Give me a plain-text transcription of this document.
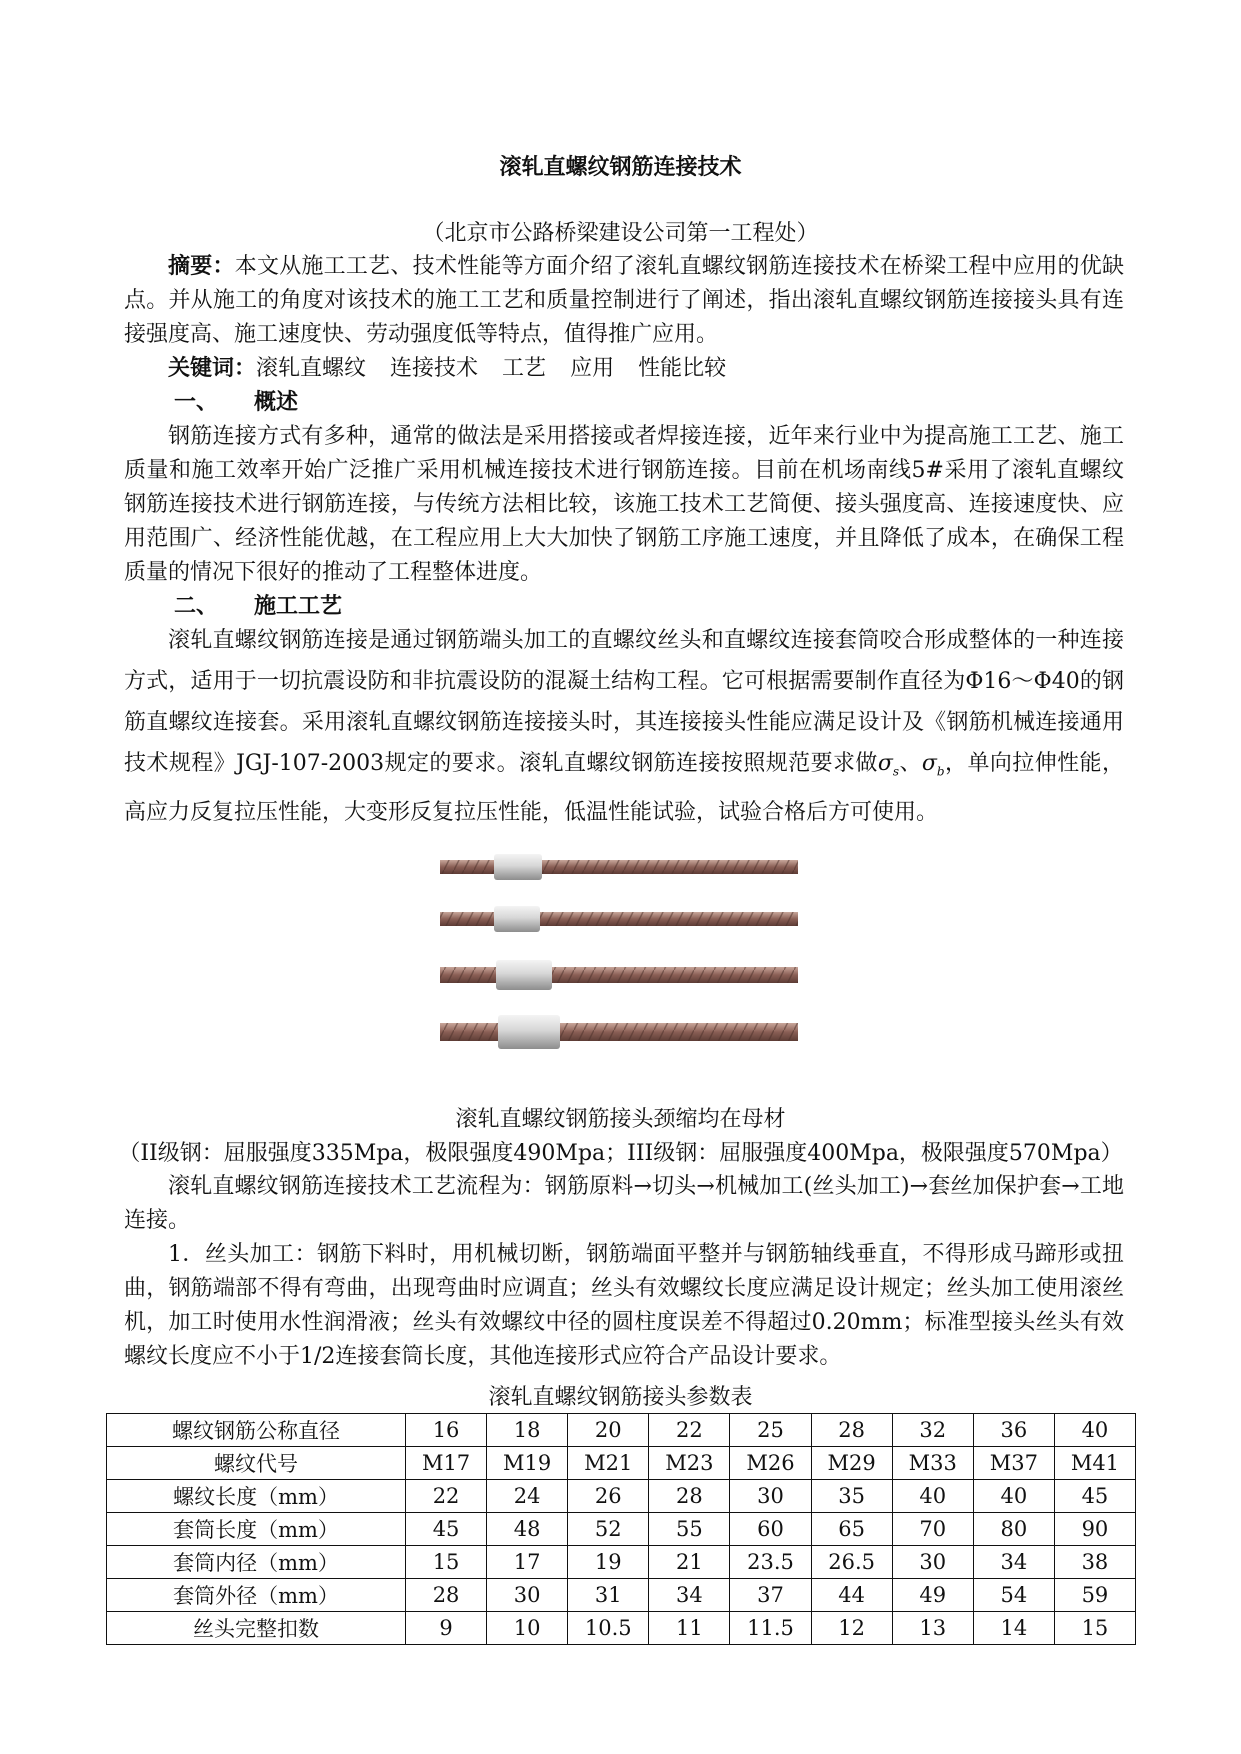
滚轧直螺纹钢筋连接技术
（北京市公路桥梁建设公司第一工程处）

摘要：本文从施工工艺、技术性能等方面介绍了滚轧直螺纹钢筋连接技术在桥梁工程中应用的优缺点。并从施工的角度对该技术的施工工艺和质量控制进行了阐述，指出滚轧直螺纹钢筋连接接头具有连接强度高、施工速度快、劳动强度低等特点，值得推广应用。

关键词：滚轧直螺纹 连接技术 工艺 应用 性能比较

一、 概述

钢筋连接方式有多种，通常的做法是采用搭接或者焊接连接，近年来行业中为提高施工工艺、施工质量和施工效率开始广泛推广采用机械连接技术进行钢筋连接。目前在机场南线5#采用了滚轧直螺纹钢筋连接技术进行钢筋连接，与传统方法相比较，该施工技术工艺简便、接头强度高、连接速度快、应用范围广、经济性能优越，在工程应用上大大加快了钢筋工序施工速度，并且降低了成本，在确保工程质量的情况下很好的推动了工程整体进度。

二、 施工工艺

滚轧直螺纹钢筋连接是通过钢筋端头加工的直螺纹丝头和直螺纹连接套筒咬合形成整体的一种连接方式，适用于一切抗震设防和非抗震设防的混凝土结构工程。它可根据需要制作直径为Φ16～Φ40的钢筋直螺纹连接套。采用滚轧直螺纹钢筋连接接头时，其连接接头性能应满足设计及《钢筋机械连接通用技术规程》JGJ-107-2003规定的要求。滚轧直螺纹钢筋连接按照规范要求做$\sigma_s$、$\sigma_b$，单向拉伸性能，高应力反复拉压性能，大变形反复拉压性能，低温性能试验，试验合格后方可使用。

滚轧直螺纹钢筋接头颈缩均在母材
（II级钢：屈服强度335Mpa，极限强度490Mpa；III级钢：屈服强度400Mpa，极限强度570Mpa）

滚轧直螺纹钢筋连接技术工艺流程为：钢筋原料→切头→机械加工(丝头加工)→套丝加保护套→工地连接。

1．丝头加工：钢筋下料时，用机械切断，钢筋端面平整并与钢筋轴线垂直，不得形成马蹄形或扭曲，钢筋端部不得有弯曲，出现弯曲时应调直；丝头有效螺纹长度应满足设计规定；丝头加工使用滚丝机，加工时使用水性润滑液；丝头有效螺纹中径的圆柱度误差不得超过0.20mm；标准型接头丝头有效螺纹长度应不小于1/2连接套筒长度，其他连接形式应符合产品设计要求。

滚轧直螺纹钢筋接头参数表
螺纹钢筋公称直径	16	18	20	22	25	28	32	36	40
螺纹代号	M17	M19	M21	M23	M26	M29	M33	M37	M41
螺纹长度（mm）	22	24	26	28	30	35	40	40	45
套筒长度（mm）	45	48	52	55	60	65	70	80	90
套筒内径（mm）	15	17	19	21	23.5	26.5	30	34	38
套筒外径（mm）	28	30	31	34	37	44	49	54	59
丝头完整扣数	9	10	10.5	11	11.5	12	13	14	15
